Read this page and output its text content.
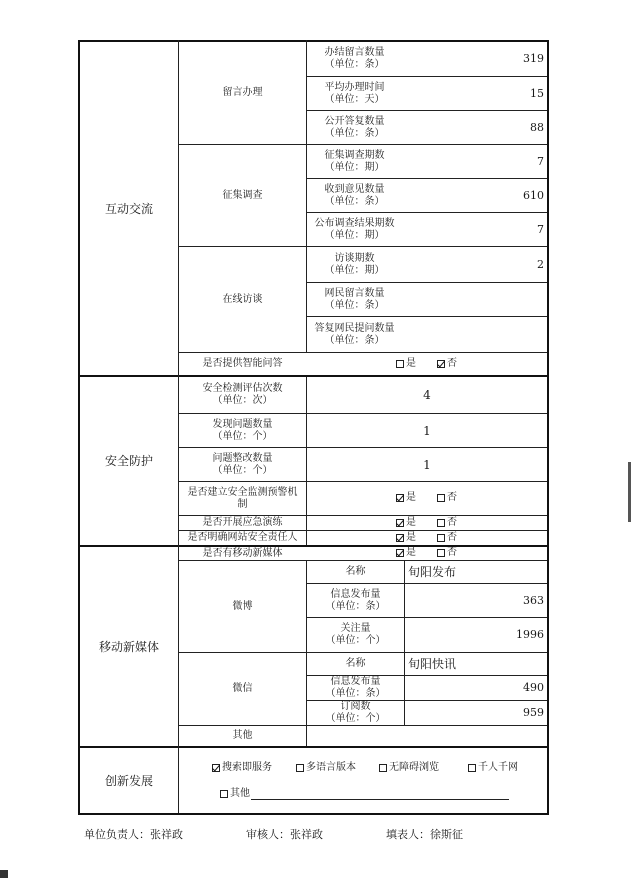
互动交流
留言办理
办结留言数量
（单位：条）	319
平均办理时间
（单位：天）	15
公开答复数量
（单位：条）	88
征集调查
征集调查期数
（单位：期）	7
收到意见数量
（单位：条）	610
公布调查结果期数
（单位：期）	7
在线访谈
访谈期数
（单位：期）	2
网民留言数量
（单位：条）
答复网民提问数量
（单位：条）
是否提供智能问答	是	否
安全防护
安全检测评估次数
（单位：次）	4
发现问题数量
（单位：个）	1
问题整改数量
（单位：个）	1
是否建立安全监测预警机
制
是	否
是否开展应急演练	是	否
是否明确网站安全责任人	是	否
移动新媒体
是否有移动新媒体	是	否
微博
名称	旬阳发布
信息发布量
（单位：条）	363
关注量
（单位：个）	1996
微信
名称	旬阳快讯
信息发布量
（单位：条）	490
订阅数
（单位：个）	959
其他
创新发展
搜索即服务	多语言版本	无障碍浏览	千人千网
其他
单位负责人：张祥政	审核人：张祥政	填表人：徐斯征
